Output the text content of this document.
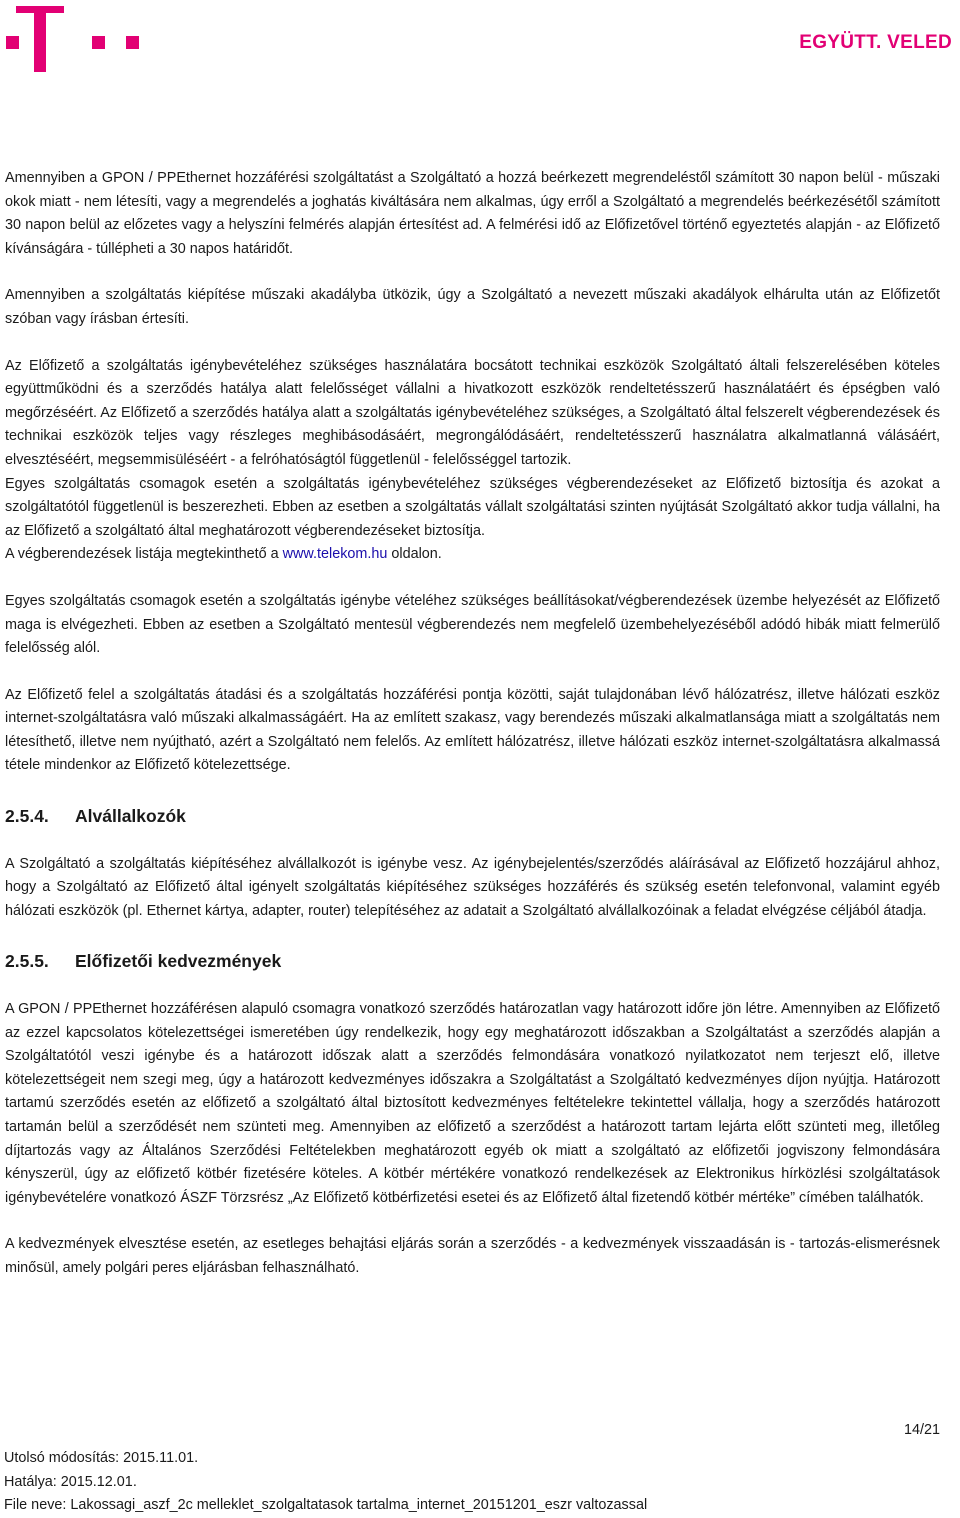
EGYÜTT. VELED

Amennyiben a GPON / PPEthernet hozzáférési szolgáltatást a Szolgáltató a hozzá beérkezett megrendeléstől számított 30 napon belül - műszaki okok miatt - nem létesíti, vagy a megrendelés a joghatás kiváltására nem alkalmas, úgy erről a Szolgáltató a megrendelés beérkezésétől számított 30 napon belül az előzetes vagy a helyszíni felmérés alapján értesítést ad. A felmérési idő az Előfizetővel történő egyeztetés alapján - az Előfizető kívánságára - túllépheti a 30 napos határidőt.

Amennyiben a szolgáltatás kiépítése műszaki akadályba ütközik, úgy a Szolgáltató a nevezett műszaki akadályok elhárulta után az Előfizetőt szóban vagy írásban értesíti.

Az Előfizető a szolgáltatás igénybevételéhez szükséges használatára bocsátott technikai eszközök Szolgáltató általi felszerelésében köteles együttműködni és a szerződés hatálya alatt felelősséget vállalni a hivatkozott eszközök rendeltetésszerű használatáért és épségben való megőrzéséért. Az Előfizető a szerződés hatálya alatt a szolgáltatás igénybevételéhez szükséges, a Szolgáltató által felszerelt végberendezések és technikai eszközök teljes vagy részleges meghibásodásáért, megrongálódásáért, rendeltetésszerű használatra alkalmatlanná válásáért, elvesztéséért, megsemmisüléséért - a felróhatóságtól függetlenül - felelősséggel tartozik.

Egyes szolgáltatás csomagok esetén a szolgáltatás igénybevételéhez szükséges végberendezéseket az Előfizető biztosítja és azokat a szolgáltatótól függetlenül is beszerezheti. Ebben az esetben a szolgáltatás vállalt szolgáltatási szinten nyújtását Szolgáltató akkor tudja vállalni, ha az Előfizető a szolgáltató által meghatározott végberendezéseket biztosítja.

A végberendezések listája megtekinthető a www.telekom.hu oldalon.

Egyes szolgáltatás csomagok esetén a szolgáltatás igénybe vételéhez szükséges beállításokat/végberendezések üzembe helyezését az Előfizető maga is elvégezheti. Ebben az esetben a Szolgáltató mentesül végberendezés nem megfelelő üzembehelyezéséből adódó hibák miatt felmerülő felelősség alól.

Az Előfizető felel a szolgáltatás átadási és a szolgáltatás hozzáférési pontja közötti, saját tulajdonában lévő hálózatrész, illetve hálózati eszköz internet-szolgáltatásra való műszaki alkalmasságáért. Ha az említett szakasz, vagy berendezés műszaki alkalmatlansága miatt a szolgáltatás nem létesíthető, illetve nem nyújtható, azért a Szolgáltató nem felelős. Az említett hálózatrész, illetve hálózati eszköz internet-szolgáltatásra alkalmassá tétele mindenkor az Előfizető kötelezettsége.

2.5.4. Alvállalkozók

A Szolgáltató a szolgáltatás kiépítéséhez alvállalkozót is igénybe vesz. Az igénybejelentés/szerződés aláírásával az Előfizető hozzájárul ahhoz, hogy a Szolgáltató az Előfizető által igényelt szolgáltatás kiépítéséhez szükséges hozzáférés és szükség esetén telefonvonal, valamint egyéb hálózati eszközök (pl. Ethernet kártya, adapter, router) telepítéséhez az adatait a Szolgáltató alvállalkozóinak a feladat elvégzése céljából átadja.

2.5.5. Előfizetői kedvezmények

A GPON / PPEthernet hozzáférésen alapuló csomagra vonatkozó szerződés határozatlan vagy határozott időre jön létre. Amennyiben az Előfizető az ezzel kapcsolatos kötelezettségei ismeretében úgy rendelkezik, hogy egy meghatározott időszakban a Szolgáltatást a szerződés alapján a Szolgáltatótól veszi igénybe és a határozott időszak alatt a szerződés felmondására vonatkozó nyilatkozatot nem terjeszt elő, illetve kötelezettségeit nem szegi meg, úgy a határozott kedvezményes időszakra a Szolgáltatást a Szolgáltató kedvezményes díjon nyújtja. Határozott tartamú szerződés esetén az előfizető a szolgáltató által biztosított kedvezményes feltételekre tekintettel vállalja, hogy a szerződés határozott tartamán belül a szerződését nem szünteti meg. Amennyiben az előfizető a szerződést a határozott tartam lejárta előtt szünteti meg, illetőleg díjtartozás vagy az Általános Szerződési Feltételekben meghatározott egyéb ok miatt a szolgáltató az előfizetői jogviszony felmondására kényszerül, úgy az előfizető kötbér fizetésére köteles. A kötbér mértékére vonatkozó rendelkezések az Elektronikus hírközlési szolgáltatások igénybevételére vonatkozó ÁSZF Törzsrész „Az Előfizető kötbérfizetési esetei és az Előfizető által fizetendő kötbér mértéke” címében találhatók.

A kedvezmények elvesztése esetén, az esetleges behajtási eljárás során a szerződés - a kedvezmények visszaadásán is - tartozás-elismerésnek minősül, amely polgári peres eljárásban felhasználható.

14/21
Utolsó módosítás: 2015.11.01.
Hatálya: 2015.12.01.
File neve: Lakossagi_aszf_2c melleklet_szolgaltatasok tartalma_internet_20151201_eszr valtozassal
